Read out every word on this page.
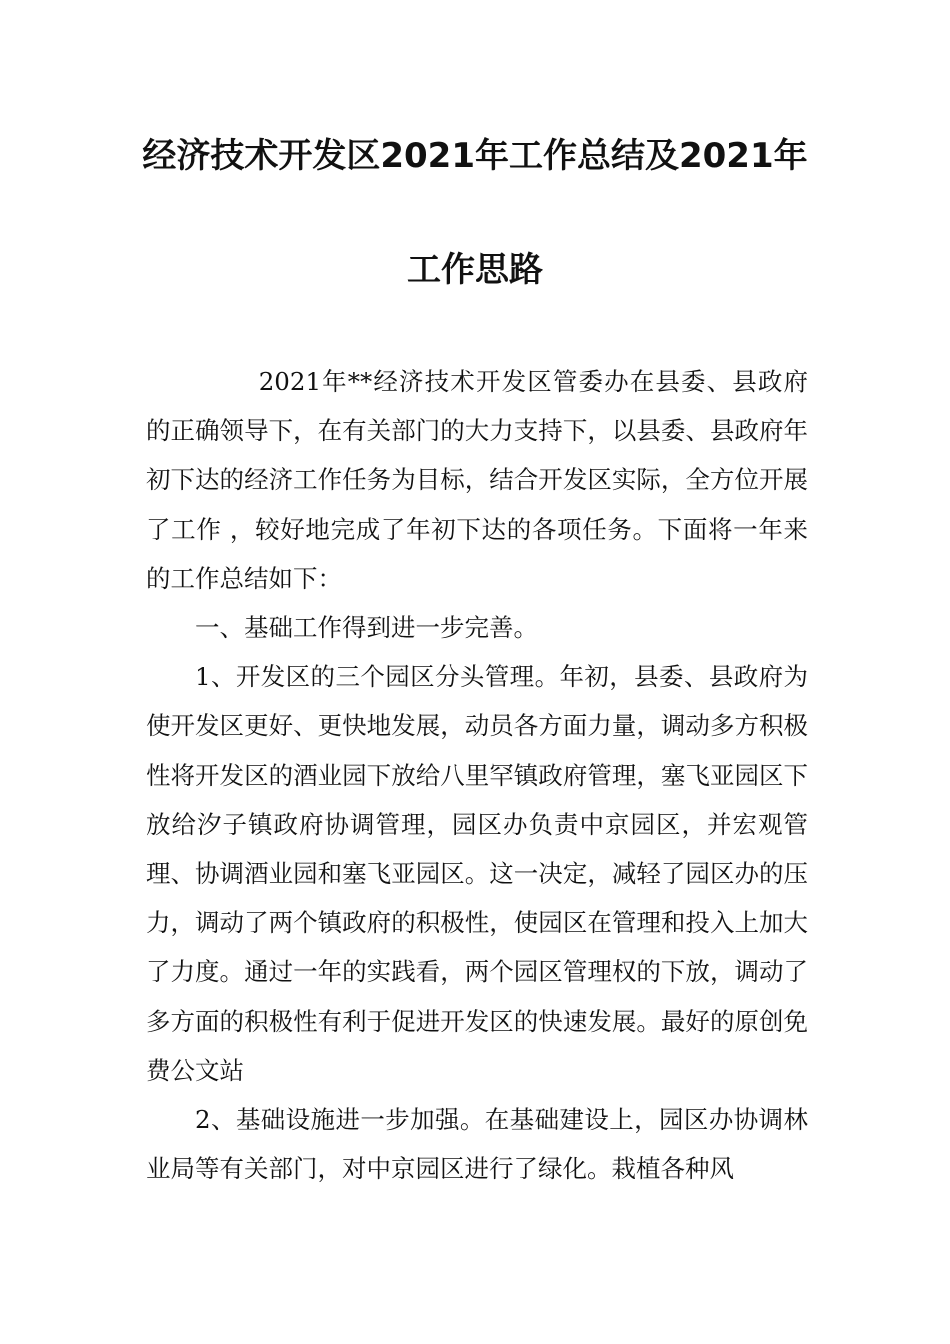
经济技术开发区2021年工作总结及2021年
工作思路

2021年**经济技术开发区管委办在县委、县政府的正确领导下，在有关部门的大力支持下，以县委、县政府年初下达的经济工作任务为目标，结合开发区实际，全方位开展了工作 ，较好地完成了年初下达的各项任务。下面将一年来的工作总结如下：

一、基础工作得到进一步完善。

1、开发区的三个园区分头管理。年初，县委、县政府为使开发区更好、更快地发展，动员各方面力量，调动多方积极性将开发区的酒业园下放给八里罕镇政府管理，塞飞亚园区下放给汐子镇政府协调管理，园区办负责中京园区，并宏观管理、协调酒业园和塞飞亚园区。这一决定，减轻了园区办的压力，调动了两个镇政府的积极性，使园区在管理和投入上加大了力度。通过一年的实践看，两个园区管理权的下放，调动了多方面的积极性有利于促进开发区的快速发展。最好的原创免费公文站

2、基础设施进一步加强。在基础建设上，园区办协调林业局等有关部门，对中京园区进行了绿化。栽植各种风
